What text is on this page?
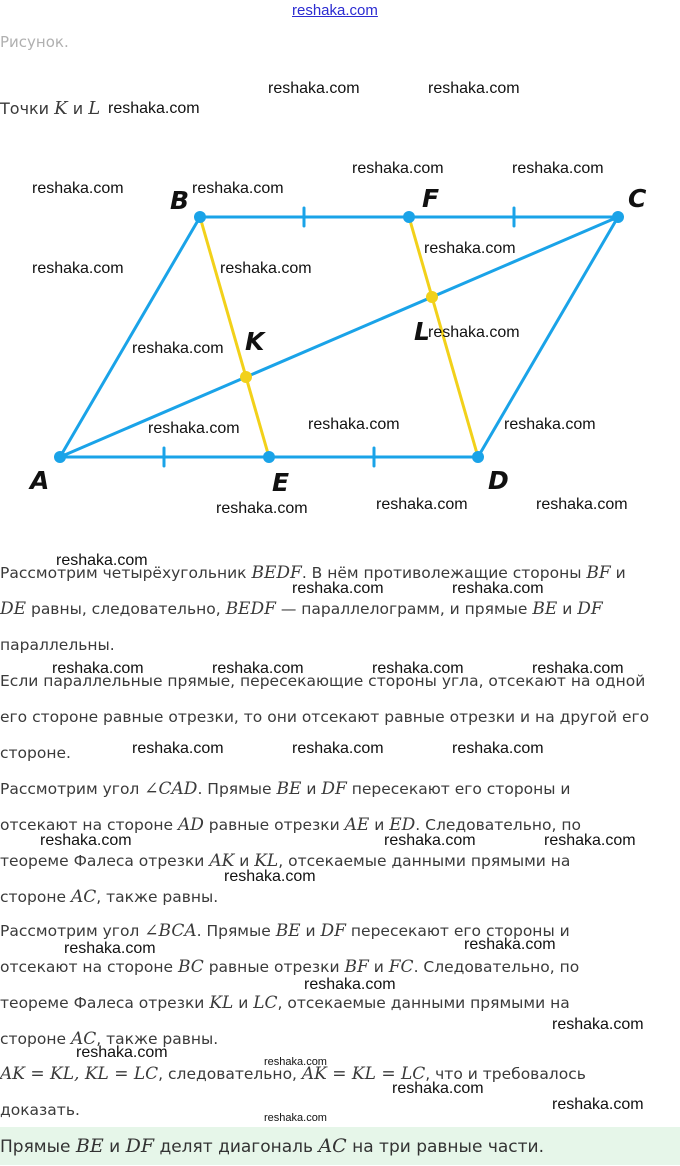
reshaka.com
Рисунок.
Точки K и L
A
B	C
D
E
F
K	L
Рассмотрим четырёхугольник BEDF. В нём противолежащие стороны BF и
DE равны, следовательно, BEDF — параллелограмм, и прямые BE и DF
параллельны.
Если параллельные прямые, пересекающие стороны угла, отсекают на одной
его стороне равные отрезки, то они отсекают равные отрезки и на другой его
стороне.
Рассмотрим угол ∠CAD. Прямые BE и DF пересекают его стороны и
отсекают на стороне AD равные отрезки AE и ED. Следовательно, по
теореме Фалеса отрезки AK и KL, отсекаемые данными прямыми на
стороне AC, также равны.
Рассмотрим угол ∠BCA. Прямые BE и DF пересекают его стороны и
отсекают на стороне BC равные отрезки BF и FC. Следовательно, по
теореме Фалеса отрезки KL и LC, отсекаемые данными прямыми на
стороне AC, также равны.
AK = KL, KL = LC, следовательно, AK = KL = LC, что и требовалось
доказать.
Прямые BE и DF делят диагональ AC на три равные части.
reshaka.com	reshaka.com
reshaka.com
reshaka.com	reshaka.com
reshaka.com	reshaka.com
reshaka.com
reshaka.com	reshaka.com
reshaka.com
reshaka.com
reshaka.com	reshaka.com
reshaka.com
reshaka.com	reshaka.com
reshaka.com
reshaka.com
reshaka.com	reshaka.com
reshaka.com	reshaka.com	reshaka.com	reshaka.com
reshaka.com	reshaka.com	reshaka.com
reshaka.com	reshaka.com	reshaka.com
reshaka.com
reshaka.com
reshaka.com
reshaka.com
reshaka.com
reshaka.com
reshaka.com
reshaka.com
reshaka.com
reshaka.com
